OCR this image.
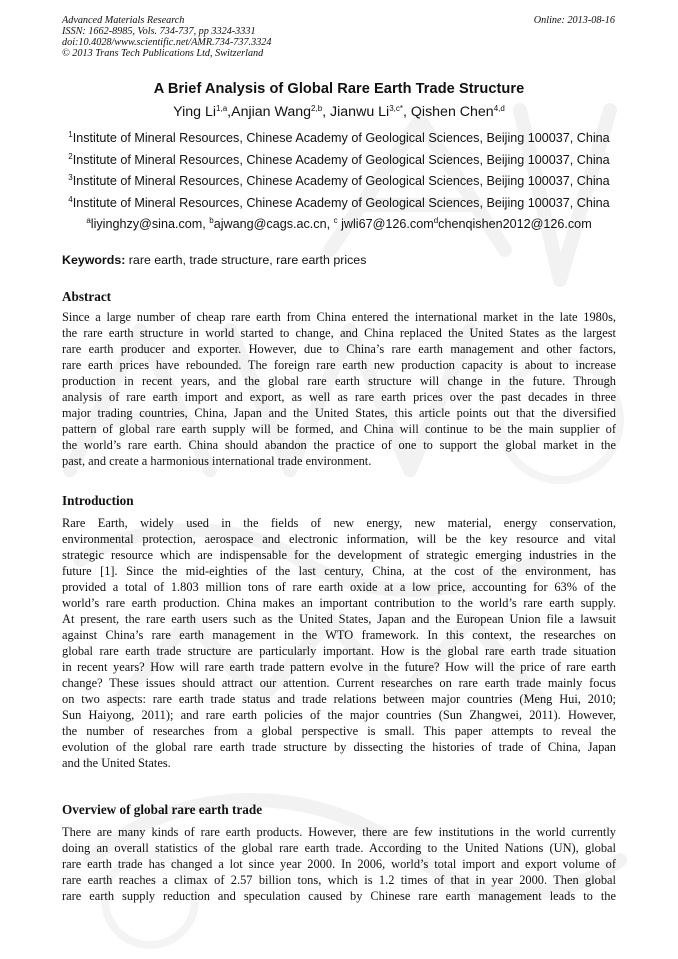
Advanced Materials Research
ISSN: 1662-8985, Vols. 734-737, pp 3324-3331
doi:10.4028/www.scientific.net/AMR.734-737.3324
© 2013 Trans Tech Publications Ltd, Switzerland
Online: 2013-08-16
A Brief Analysis of Global Rare Earth Trade Structure
Ying Li$^{1,a}$,Anjian Wang$^{2,b}$, Jianwu $Li^{3,c*}$, Qishen Chen$^{4,d}$
$^1$Institute of Mineral Resources, Chinese Academy of Geological Sciences, Beijing 100037, China
$^2$Institute of Mineral Resources, Chinese Academy of Geological Sciences, Beijing 100037, China
$^3$Institute of Mineral Resources, Chinese Academy of Geological Sciences, Beijing 100037, China
$^4$Institute of Mineral Resources, Chinese Academy of Geological Sciences, Beijing 100037, China
$^a$liyinghzy@sina.com, $^b$ajwang@cags.ac.cn, $^c$ jwli67@126.com$^d$chenqishen2012@126.com
Keywords: rare earth, trade structure, rare earth prices
Abstract
Since a large number of cheap rare earth from China entered the international market in the late 1980s,
the rare earth structure in world started to change, and China replaced the United States as the largest
rare earth producer and exporter. However, due to China’s rare earth management and other factors,
rare earth prices have rebounded. The foreign rare earth new production capacity is about to increase
production in recent years, and the global rare earth structure will change in the future. Through
analysis of rare earth import and export, as well as rare earth prices over the past decades in three
major trading countries, China, Japan and the United States, this article points out that the diversified
pattern of global rare earth supply will be formed, and China will continue to be the main supplier of
the world’s rare earth. China should abandon the practice of one to support the global market in the
past, and create a harmonious international trade environment.
Introduction
Rare Earth, widely used in the fields of new energy, new material, energy conservation,
environmental protection, aerospace and electronic information, will be the key resource and vital
strategic resource which are indispensable for the development of strategic emerging industries in the
future [1]. Since the mid-eighties of the last century, China, at the cost of the environment, has
provided a total of 1.803 million tons of rare earth oxide at a low price, accounting for 63% of the
world’s rare earth production. China makes an important contribution to the world’s rare earth supply.
At present, the rare earth users such as the United States, Japan and the European Union file a lawsuit
against China’s rare earth management in the WTO framework. In this context, the researches on
global rare earth trade structure are particularly important. How is the global rare earth trade situation
in recent years? How will rare earth trade pattern evolve in the future? How will the price of rare earth
change? These issues should attract our attention. Current researches on rare earth trade mainly focus
on two aspects: rare earth trade status and trade relations between major countries (Meng Hui, 2010;
Sun Haiyong, 2011); and rare earth policies of the major countries (Sun Zhangwei, 2011). However,
the number of researches from a global perspective is small. This paper attempts to reveal the
evolution of the global rare earth trade structure by dissecting the histories of trade of China, Japan
and the United States.
Overview of global rare earth trade
There are many kinds of rare earth products. However, there are few institutions in the world currently
doing an overall statistics of the global rare earth trade. According to the United Nations (UN), global
rare earth trade has changed a lot since year 2000. In 2006, world’s total import and export volume of
rare earth reaches a climax of 2.57 billion tons, which is 1.2 times of that in year 2000. Then global
rare earth supply reduction and speculation caused by Chinese rare earth management leads to the
